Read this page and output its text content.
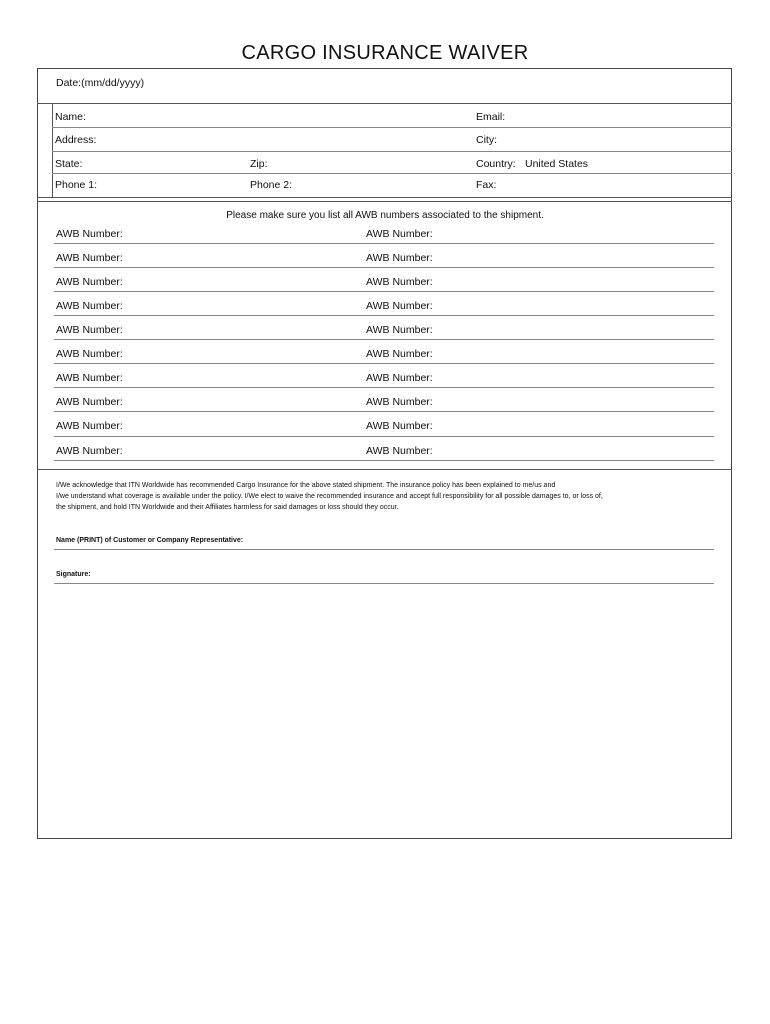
CARGO INSURANCE WAIVER
Date:(mm/dd/yyyy)
Name:	Email:
Address:	City:
State:	Zip:	Country: United States
Phone 1:	Phone 2:	Fax:
Please make sure you list all AWB numbers associated to the shipment.
AWB Number:	AWB Number:
AWB Number:	AWB Number:
AWB Number:	AWB Number:
AWB Number:	AWB Number:
AWB Number:	AWB Number:
AWB Number:	AWB Number:
AWB Number:	AWB Number:
AWB Number:	AWB Number:
AWB Number:	AWB Number:
AWB Number:	AWB Number:
I/We acknowledge that ITN Worldwide has recommended Cargo Insurance for the above stated shipment. The insurance policy has been explained to me/us and
I/we understand what coverage is available under the policy. I/We elect to waive the recommended insurance and accept full responsibility for all possible damages to, or loss of,
the shipment, and hold ITN Worldwide and their Affiliates harmless for said damages or loss should they occur.
Name (PRINT) of Customer or Company Representative:
Signature:
